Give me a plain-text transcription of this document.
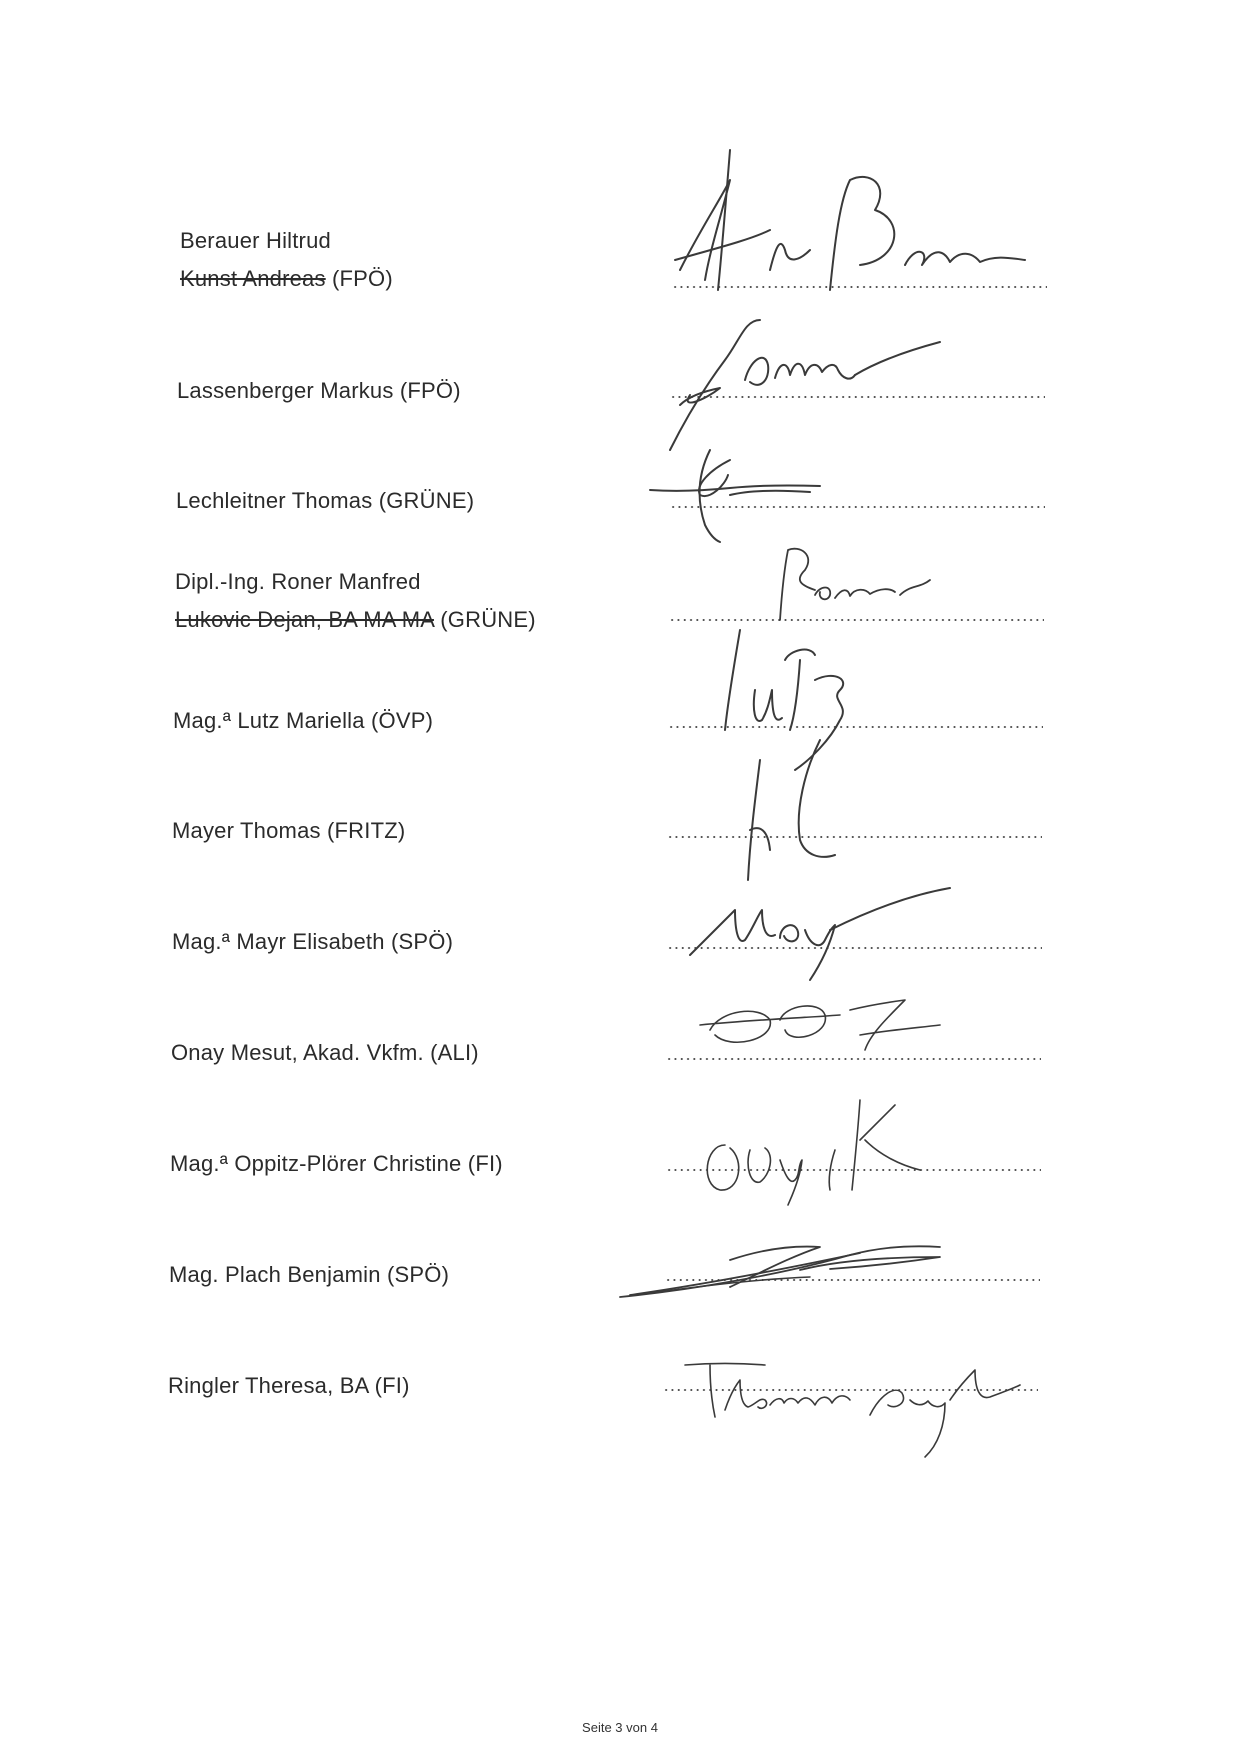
Berauer Hiltrud
Kunst Andreas (FPÖ)
Lassenberger Markus (FPÖ)
Lechleitner Thomas (GRÜNE)
Dipl.-Ing. Roner Manfred
Lukovic Dejan, BA MA MA (GRÜNE)
Mag.ª Lutz Mariella (ÖVP)
Mayer Thomas (FRITZ)
Mag.ª Mayr Elisabeth (SPÖ)
Onay Mesut, Akad. Vkfm. (ALI)
Mag.ª Oppitz-Plörer Christine (FI)
Mag. Plach Benjamin (SPÖ)
Ringler Theresa, BA (FI)
Seite 3 von 4
